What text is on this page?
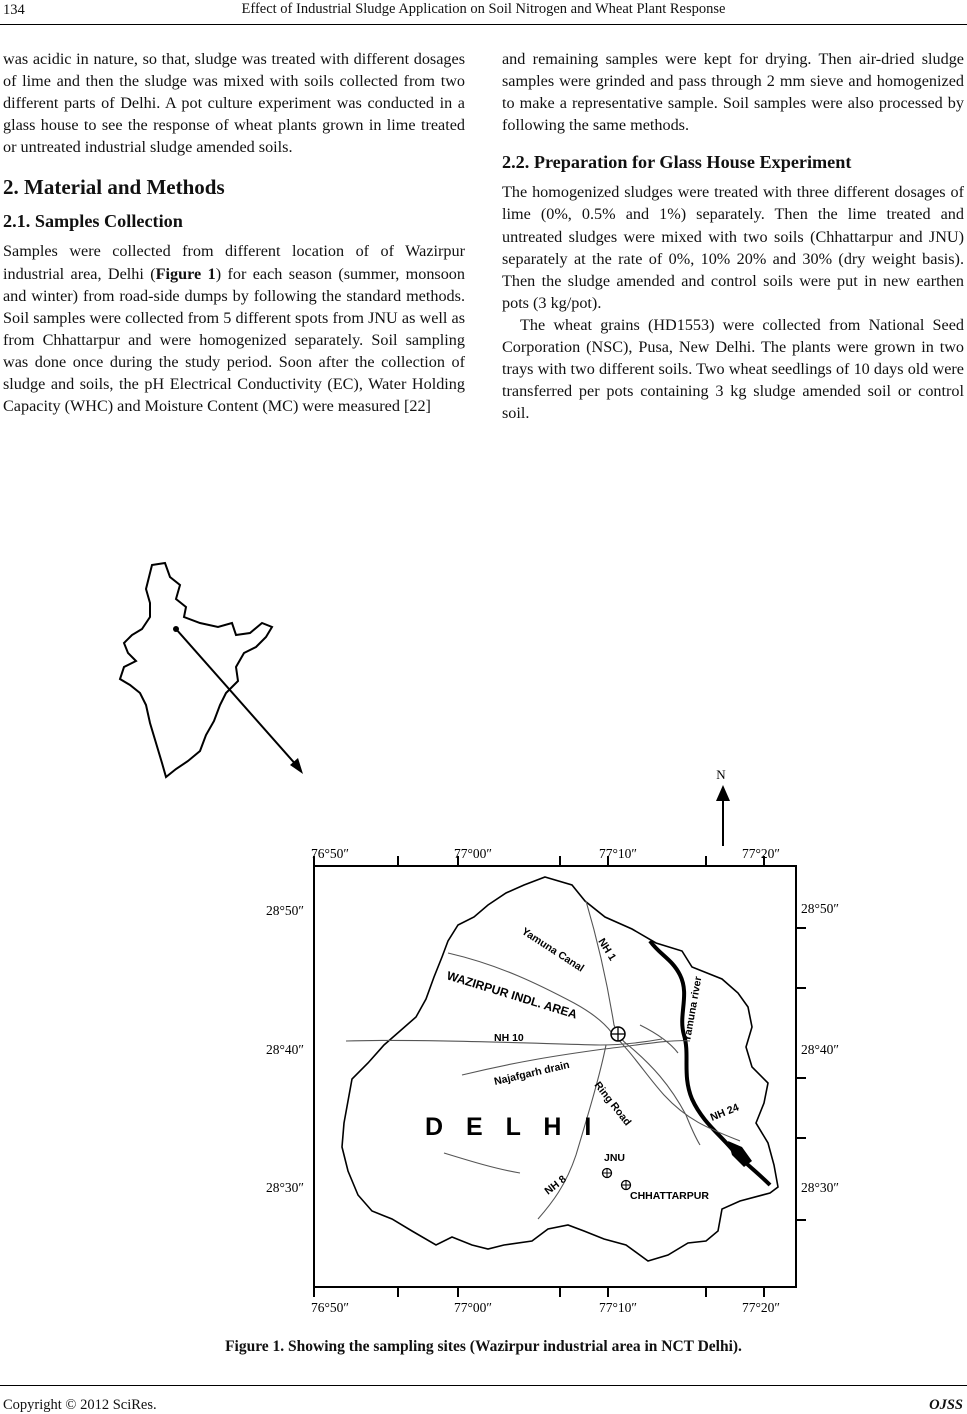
134	Effect of Industrial Sludge Application on Soil Nitrogen and Wheat Plant Response

was acidic in nature, so that, sludge was treated with different dosages of lime and then the sludge was mixed with soils collected from two different parts of Delhi. A pot culture experiment was conducted in a glass house to see the response of wheat plants grown in lime treated or untreated industrial sludge amended soils.

2. Material and Methods
2.1. Samples Collection

Samples were collected from different location of of Wazirpur industrial area, Delhi (Figure 1) for each season (summer, monsoon and winter) from road-side dumps by following the standard methods. Soil samples were collected from 5 different spots from JNU as well as from Chhattarpur and were homogenized separately. Soil sampling was done once during the study period. Soon after the collection of sludge and soils, the pH Electrical Conductivity (EC), Water Holding Capacity (WHC) and Moisture Content (MC) were measured [22]

and remaining samples were kept for drying. Then air-dried sludge samples were grinded and pass through 2 mm sieve and homogenized to make a representative sample. Soil samples were also processed by following the same methods.

2.2. Preparation for Glass House Experiment

The homogenized sludges were treated with three different dosages of lime (0%, 0.5% and 1%) separately. Then the lime treated and untreated sludges were mixed with two soils (Chhattarpur and JNU) separately at the rate of 0%, 10% 20% and 30% (dry weight basis). Then the sludge amended and control soils were put in new earthen pots (3 kg/pot).

The wheat grains (HD1553) were collected from National Seed Corporation (NSC), Pusa, New Delhi. The plants were grown in two trays with two different soils. Two wheat seedlings of 10 days old were transferred per pots containing 3 kg sludge amended soil or control soil.

N
76°50″	77°00″	77°10″	77°20″
76°50″	77°00″	77°10″	77°20″
28°50″
28°40″
28°30″
28°50″
28°40″
28°30″
Yamuna Canal NH 1
WAZIRPUR INDL. AREA
NH 10	Yamuna river
Najafgarh drain
Ring Road	NH 24
D E L H I
NH 8
JNU
CHHATTARPUR
Figure 1. Showing the sampling sites (Wazirpur industrial area in NCT Delhi).
Copyright © 2012 SciRes.	OJSS
